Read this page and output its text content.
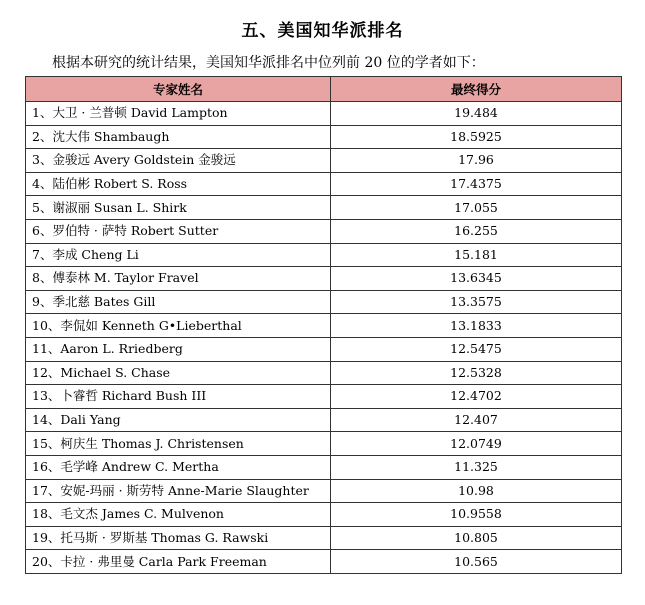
五、美国知华派排名
根据本研究的统计结果，美国知华派排名中位列前 20 位的学者如下：
专家姓名	最终得分
1、大卫 · 兰普顿 David Lampton	19.484
2、沈大伟 Shambaugh	18.5925
3、金骏远 Avery Goldstein 金骏远	17.96
4、陆伯彬 Robert S. Ross	17.4375
5、谢淑丽 Susan L. Shirk	17.055
6、罗伯特 · 萨特 Robert Sutter	16.255
7、李成 Cheng Li	15.181
8、傅泰林 M. Taylor Fravel	13.6345
9、季北慈 Bates Gill	13.3575
10、李侃如 Kenneth G•Lieberthal	13.1833
11、Aaron L. Rriedberg	12.5475
12、Michael S. Chase	12.5328
13、卜睿哲 Richard Bush III	12.4702
14、Dali Yang	12.407
15、柯庆生 Thomas J. Christensen	12.0749
16、毛学峰 Andrew C. Mertha	11.325
17、安妮-玛丽 · 斯劳特 Anne-Marie Slaughter	10.98
18、毛文杰 James C. Mulvenon	10.9558
19、托马斯 · 罗斯基 Thomas G. Rawski	10.805
20、卡拉 · 弗里曼 Carla Park Freeman	10.565
